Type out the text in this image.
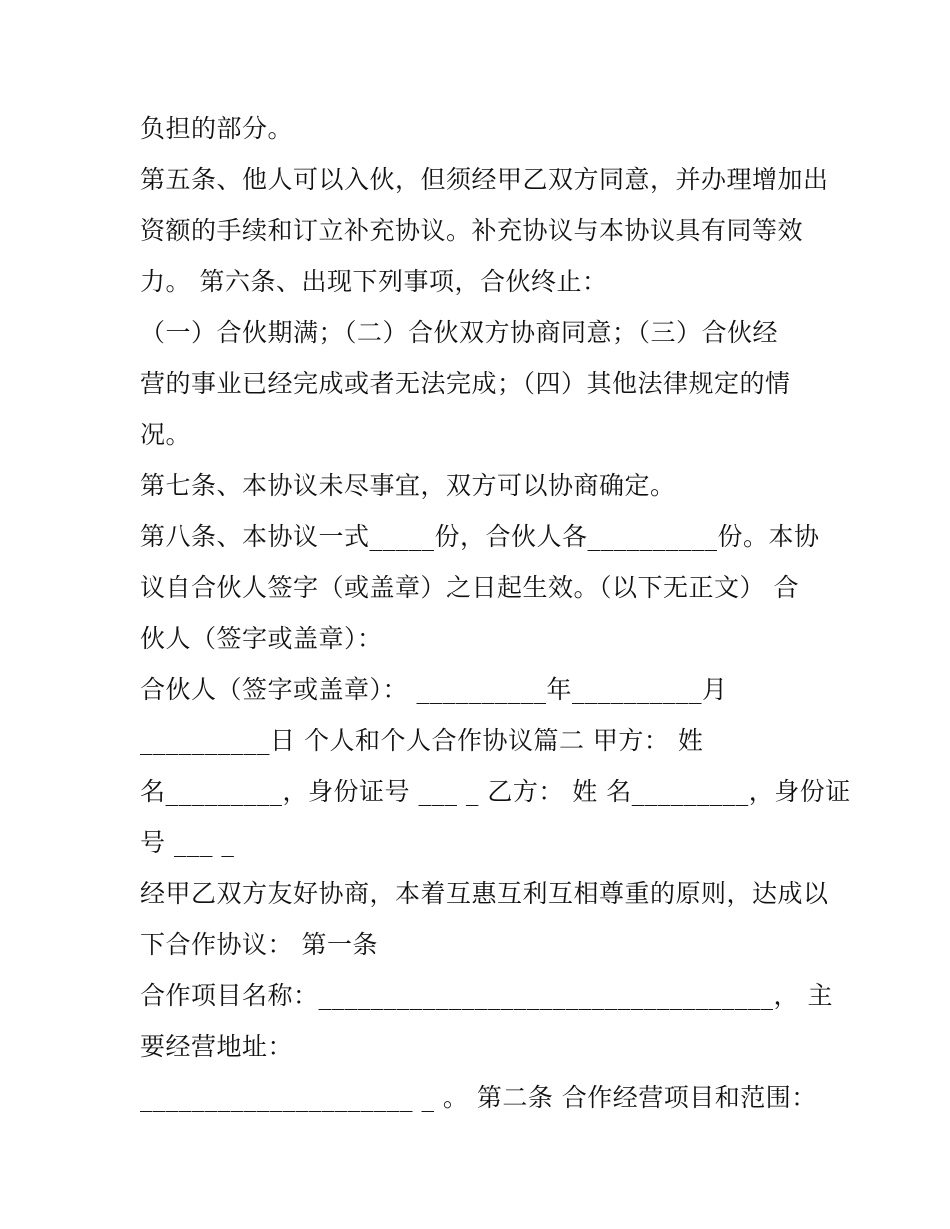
负担的部分。
第五条、他人可以入伙，但须经甲乙双方同意，并办理增加出
资额的手续和订立补充协议。补充协议与本协议具有同等效
力。 第六条、出现下列事项，合伙终止：
（一）合伙期满；（二）合伙双方协商同意；（三）合伙经
营的事业已经完成或者无法完成；（四）其他法律规定的情
况。
第七条、本协议未尽事宜，双方可以协商确定。
第八条、本协议一式_____份，合伙人各__________份。本协
议自合伙人签字（或盖章）之日起生效。（以下无正文） 合
伙人（签字或盖章）：
合伙人（签字或盖章）： __________年__________月
__________日 个人和个人合作协议篇二 甲方： 姓
名_________，身份证号 ___ _ 乙方： 姓 名_________，身份证
号 ___ _
经甲乙双方友好协商，本着互惠互利互相尊重的原则，达成以
下合作协议： 第一条
合作项目名称：___________________________________， 主
要经营地址：
_____________________ _ 。 第二条 合作经营项目和范围：
